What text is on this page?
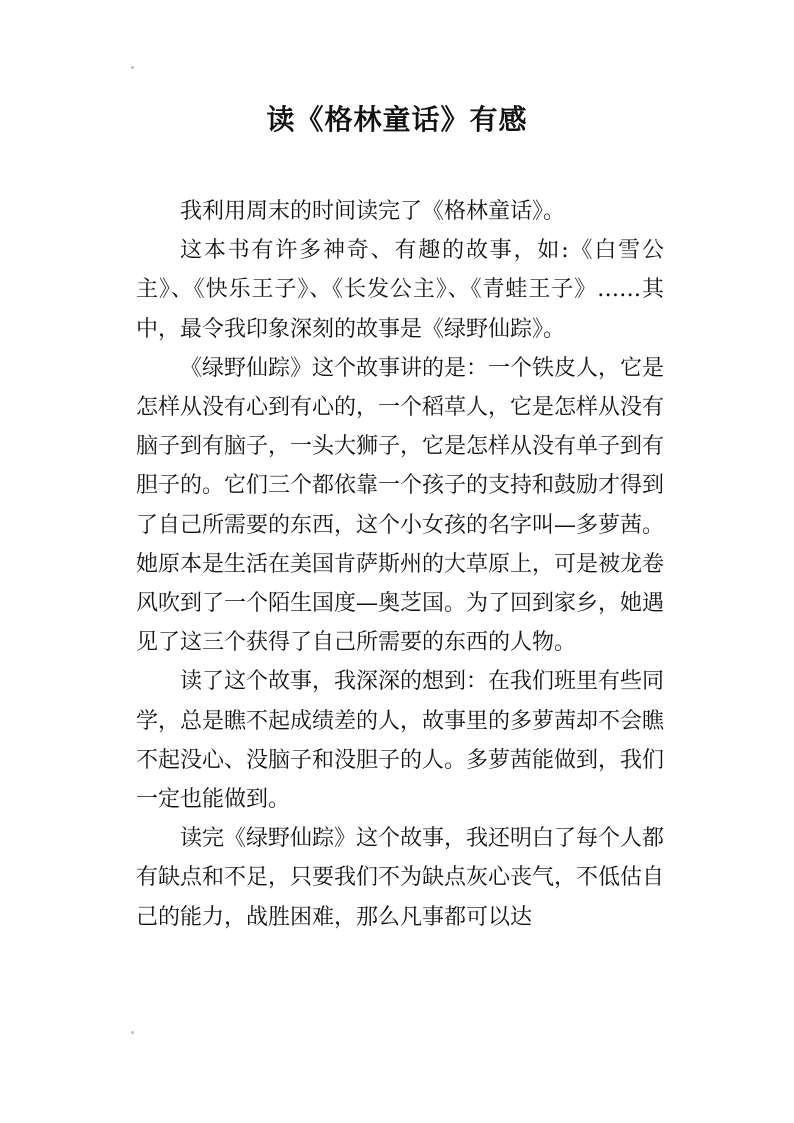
读《格林童话》有感

我利用周末的时间读完了《格林童话》。

这本书有许多神奇、有趣的故事，如:《白雪公主》、《快乐王子》、《长发公主》、《青蛙王子》……其中，最令我印象深刻的故事是《绿野仙踪》。

《绿野仙踪》这个故事讲的是：一个铁皮人，它是怎样从没有心到有心的，一个稻草人，它是怎样从没有脑子到有脑子，一头大狮子，它是怎样从没有单子到有胆子的。它们三个都依靠一个孩子的支持和鼓励才得到了自己所需要的东西，这个小女孩的名字叫—多萝茜。她原本是生活在美国肯萨斯州的大草原上，可是被龙卷风吹到了一个陌生国度—奥芝国。为了回到家乡，她遇见了这三个获得了自己所需要的东西的人物。

读了这个故事，我深深的想到：在我们班里有些同学，总是瞧不起成绩差的人，故事里的多萝茜却不会瞧不起没心、没脑子和没胆子的人。多萝茜能做到，我们一定也能做到。

读完《绿野仙踪》这个故事，我还明白了每个人都有缺点和不足，只要我们不为缺点灰心丧气，不低估自己的能力，战胜困难，那么凡事都可以达
